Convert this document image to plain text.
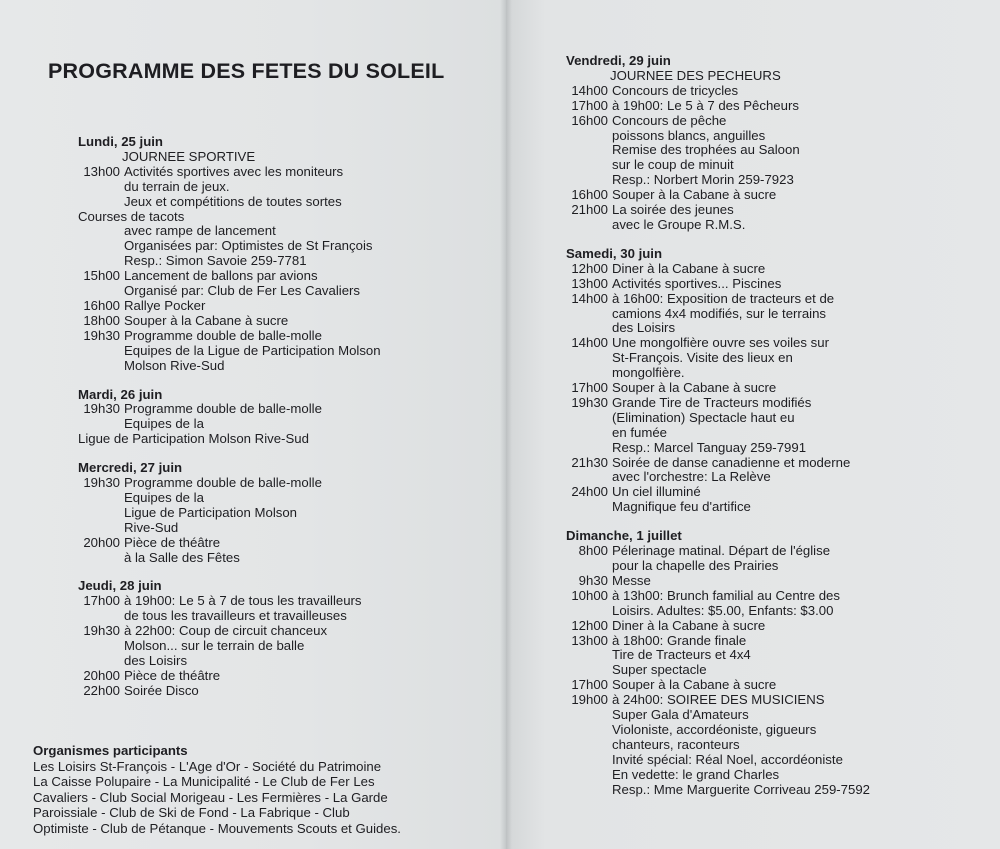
PROGRAMME DES FETES DU SOLEIL
Lundi, 25 juin
JOURNEE SPORTIVE
13h00 Activités sportives avec les moniteurs
du terrain de jeux.
Jeux et compétitions de toutes sortes
Courses de tacots
avec rampe de lancement
Organisées par: Optimistes de St François
Resp.: Simon Savoie 259-7781
15h00 Lancement de ballons par avions
Organisé par: Club de Fer Les Cavaliers
16h00 Rallye Pocker
18h00 Souper à la Cabane à sucre
19h30 Programme double de balle-molle
Equipes de la Ligue de Participation Molson
Molson Rive-Sud
Mardi, 26 juin
19h30 Programme double de balle-molle
Equipes de la
Ligue de Participation Molson Rive-Sud
Mercredi, 27 juin
19h30 Programme double de balle-molle
Equipes de la
Ligue de Participation Molson
Rive-Sud
20h00 Pièce de théâtre
à la Salle des Fêtes
Jeudi, 28 juin
17h00 à 19h00: Le 5 à 7 de tous les travailleurs
de tous les travailleurs et travailleuses
19h30 à 22h00: Coup de circuit chanceux
Molson... sur le terrain de balle
des Loisirs
20h00 Pièce de théâtre
22h00 Soirée Disco
Organismes participants
Les Loisirs St-François - L'Age d'Or - Société du Patrimoine
La Caisse Polupaire - La Municipalité - Le Club de Fer Les
Cavaliers - Club Social Morigeau - Les Fermières - La Garde
Paroissiale - Club de Ski de Fond - La Fabrique - Club
Optimiste - Club de Pétanque - Mouvements Scouts et Guides.
Vendredi, 29 juin
JOURNEE DES PECHEURS
14h00 Concours de tricycles
17h00 à 19h00: Le 5 à 7 des Pêcheurs
16h00 Concours de pêche
poissons blancs, anguilles
Remise des trophées au Saloon
sur le coup de minuit
Resp.: Norbert Morin 259-7923
16h00 Souper à la Cabane à sucre
21h00 La soirée des jeunes
avec le Groupe R.M.S.
Samedi, 30 juin
12h00 Diner à la Cabane à sucre
13h00 Activités sportives... Piscines
14h00 à 16h00: Exposition de tracteurs et de
camions 4x4 modifiés, sur le terrains
des Loisirs
14h00 Une mongolfière ouvre ses voiles sur
St-François. Visite des lieux en
mongolfière.
17h00 Souper à la Cabane à sucre
19h30 Grande Tire de Tracteurs modifiés
(Elimination) Spectacle haut eu
en fumée
Resp.: Marcel Tanguay 259-7991
21h30 Soirée de danse canadienne et moderne
avec l'orchestre: La Relève
24h00 Un ciel illuminé
Magnifique feu d'artifice
Dimanche, 1 juillet
8h00 Pélerinage matinal. Départ de l'église
pour la chapelle des Prairies
9h30 Messe
10h00 à 13h00: Brunch familial au Centre des
Loisirs. Adultes: $5.00, Enfants: $3.00
12h00 Diner à la Cabane à sucre
13h00 à 18h00: Grande finale
Tire de Tracteurs et 4x4
Super spectacle
17h00 Souper à la Cabane à sucre
19h00 à 24h00: SOIREE DES MUSICIENS
Super Gala d'Amateurs
Violoniste, accordéoniste, gigueurs
chanteurs, raconteurs
Invité spécial: Réal Noel, accordéoniste
En vedette: le grand Charles
Resp.: Mme Marguerite Corriveau 259-7592
